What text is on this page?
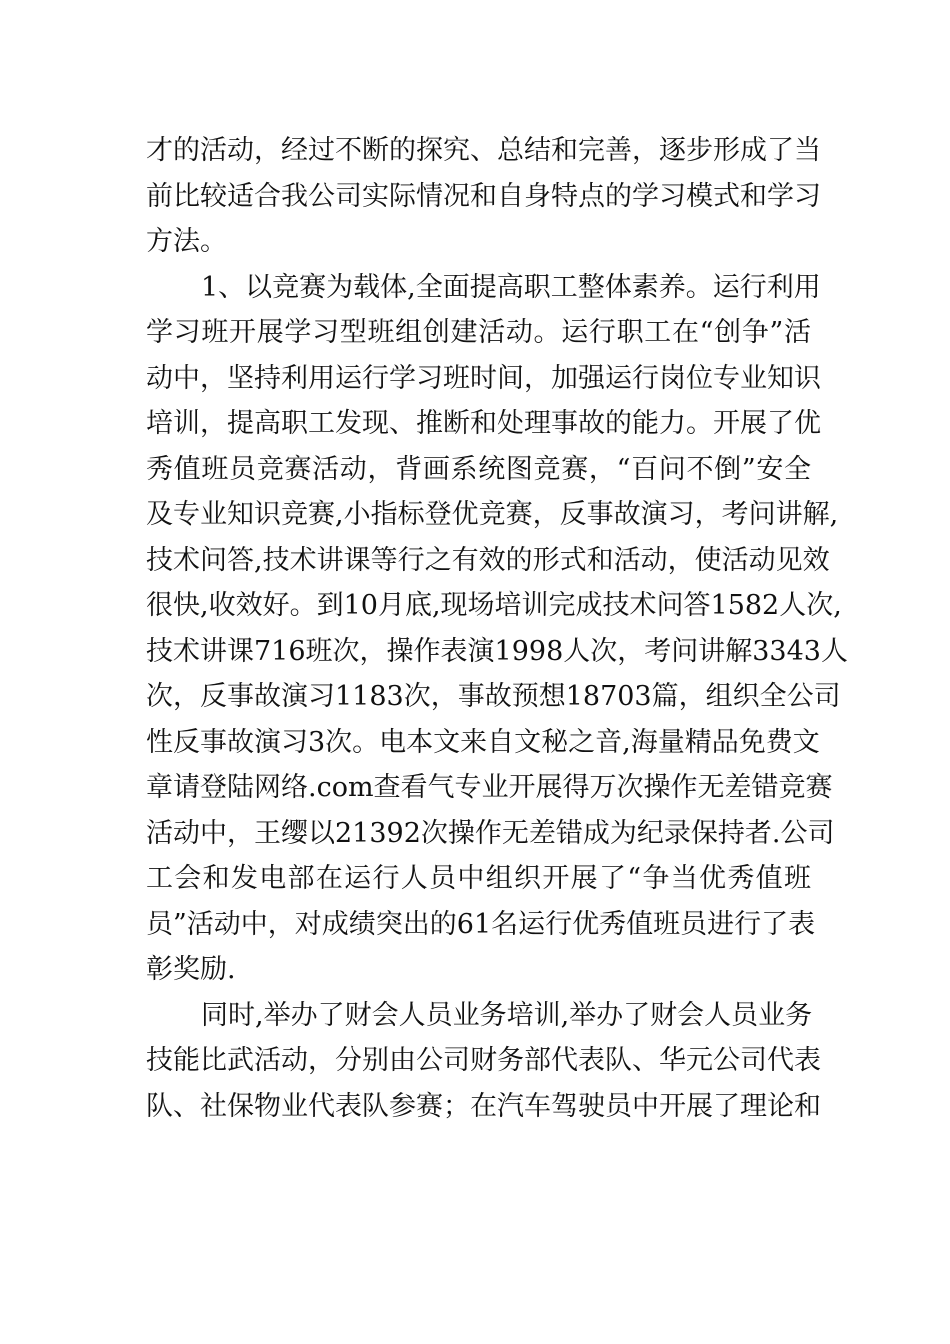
才的活动，经过不断的探究、总结和完善，逐步形成了当
前比较适合我公司实际情况和自身特点的学习模式和学习
方法。
1、以竞赛为载体,全面提高职工整体素养。运行利用
学习班开展学习型班组创建活动。运行职工在“创争”活
动中，坚持利用运行学习班时间，加强运行岗位专业知识
培训，提高职工发现、推断和处理事故的能力。开展了优
秀值班员竞赛活动，背画系统图竞赛，“百问不倒”安全
及专业知识竞赛,小指标登优竞赛，反事故演习，考问讲解,
技术问答,技术讲课等行之有效的形式和活动，使活动见效
很快,收效好。到10月底,现场培训完成技术问答1582人次,
技术讲课716班次，操作表演1998人次，考问讲解3343人
次，反事故演习1183次，事故预想18703篇，组织全公司
性反事故演习3次。电本文来自文秘之音,海量精品免费文
章请登陆网络.com查看气专业开展得万次操作无差错竞赛
活动中，王缨以21392次操作无差错成为纪录保持者.公司
工会和发电部在运行人员中组织开展了“争当优秀值班
员”活动中，对成绩突出的61名运行优秀值班员进行了表
彰奖励.
同时,举办了财会人员业务培训,举办了财会人员业务
技能比武活动，分别由公司财务部代表队、华元公司代表
队、社保物业代表队参赛；在汽车驾驶员中开展了理论和
